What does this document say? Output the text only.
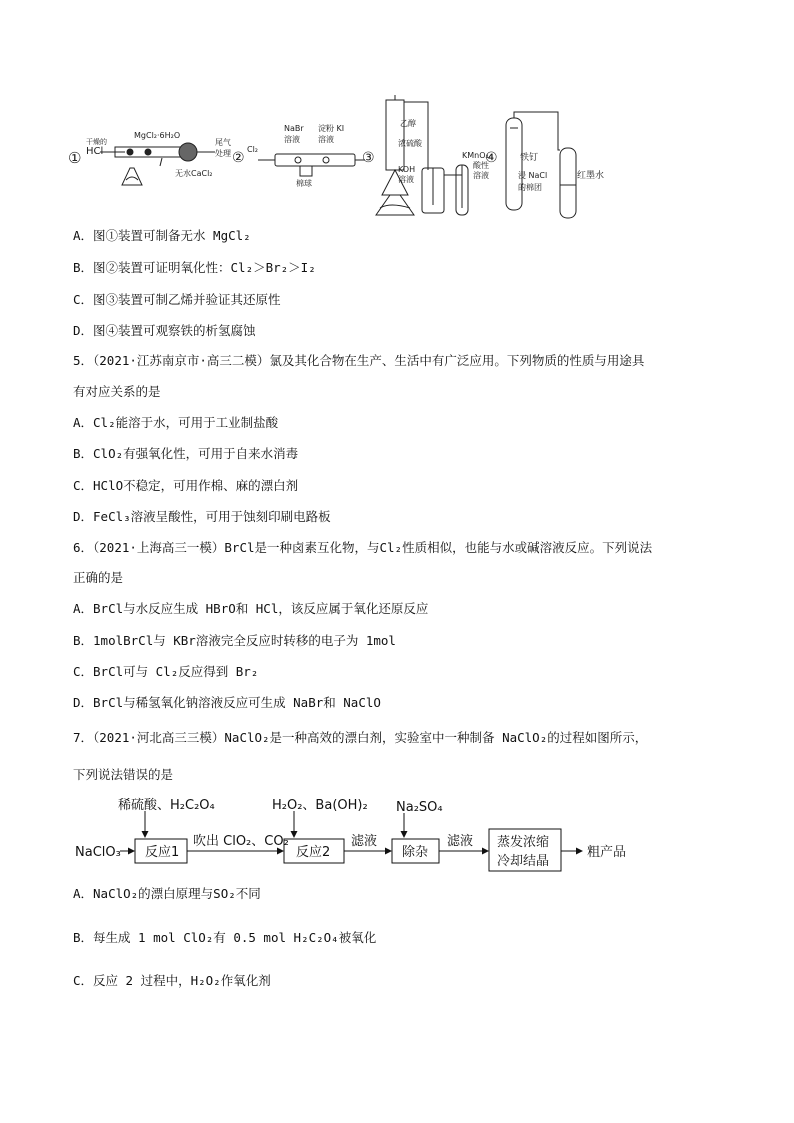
①
干燥的
HCl
MgCl₂·6H₂O
无水CaCl₂
尾气
处理 ②
Cl₂
NaBr
溶液
淀粉 KI
溶液
棉球
③
乙醇
浓硫酸
KOH
溶液
KMnO₄
酸性
溶液
④ 铁钉
浸 NaCl
的棉团
红墨水
A．图①装置可制备无水 MgCl₂
B．图②装置可证明氧化性：Cl₂＞Br₂＞I₂
C．图③装置可制乙烯并验证其还原性
D．图④装置可观察铁的析氢腐蚀
5．（2021·江苏南京市·高三二模）氯及其化合物在生产、生活中有广泛应用。下列物质的性质与用途具
有对应关系的是
A．Cl₂能溶于水，可用于工业制盐酸
B．ClO₂有强氧化性，可用于自来水消毒
C．HClO不稳定，可用作棉、麻的漂白剂
D．FeCl₃溶液呈酸性，可用于蚀刻印刷电路板
6．（2021·上海高三一模）BrCl是一种卤素互化物，与Cl₂性质相似，也能与水或碱溶液反应。下列说法
正确的是
A．BrCl与水反应生成 HBrO和 HCl，该反应属于氧化还原反应
B．1molBrCl与 KBr溶液完全反应时转移的电子为 1mol
C．BrCl可与 Cl₂反应得到 Br₂
D．BrCl与稀氢氧化钠溶液反应可生成 NaBr和 NaClO
7．（2021·河北高三三模）NaClO₂是一种高效的漂白剂，实验室中一种制备 NaClO₂的过程如图所示，
下列说法错误的是
NaClO₃
稀硫酸、H₂C₂O₄
反应1
吹出 ClO₂、CO₂
H₂O₂、Ba(OH)₂
反应2
滤液
Na₂SO₄
除杂
滤液 蒸发浓缩
冷却结晶
粗产品
A．NaClO₂的漂白原理与SO₂不同
B．每生成 1 mol ClO₂有 0.5 mol H₂C₂O₄被氧化
C．反应 2 过程中，H₂O₂作氧化剂
